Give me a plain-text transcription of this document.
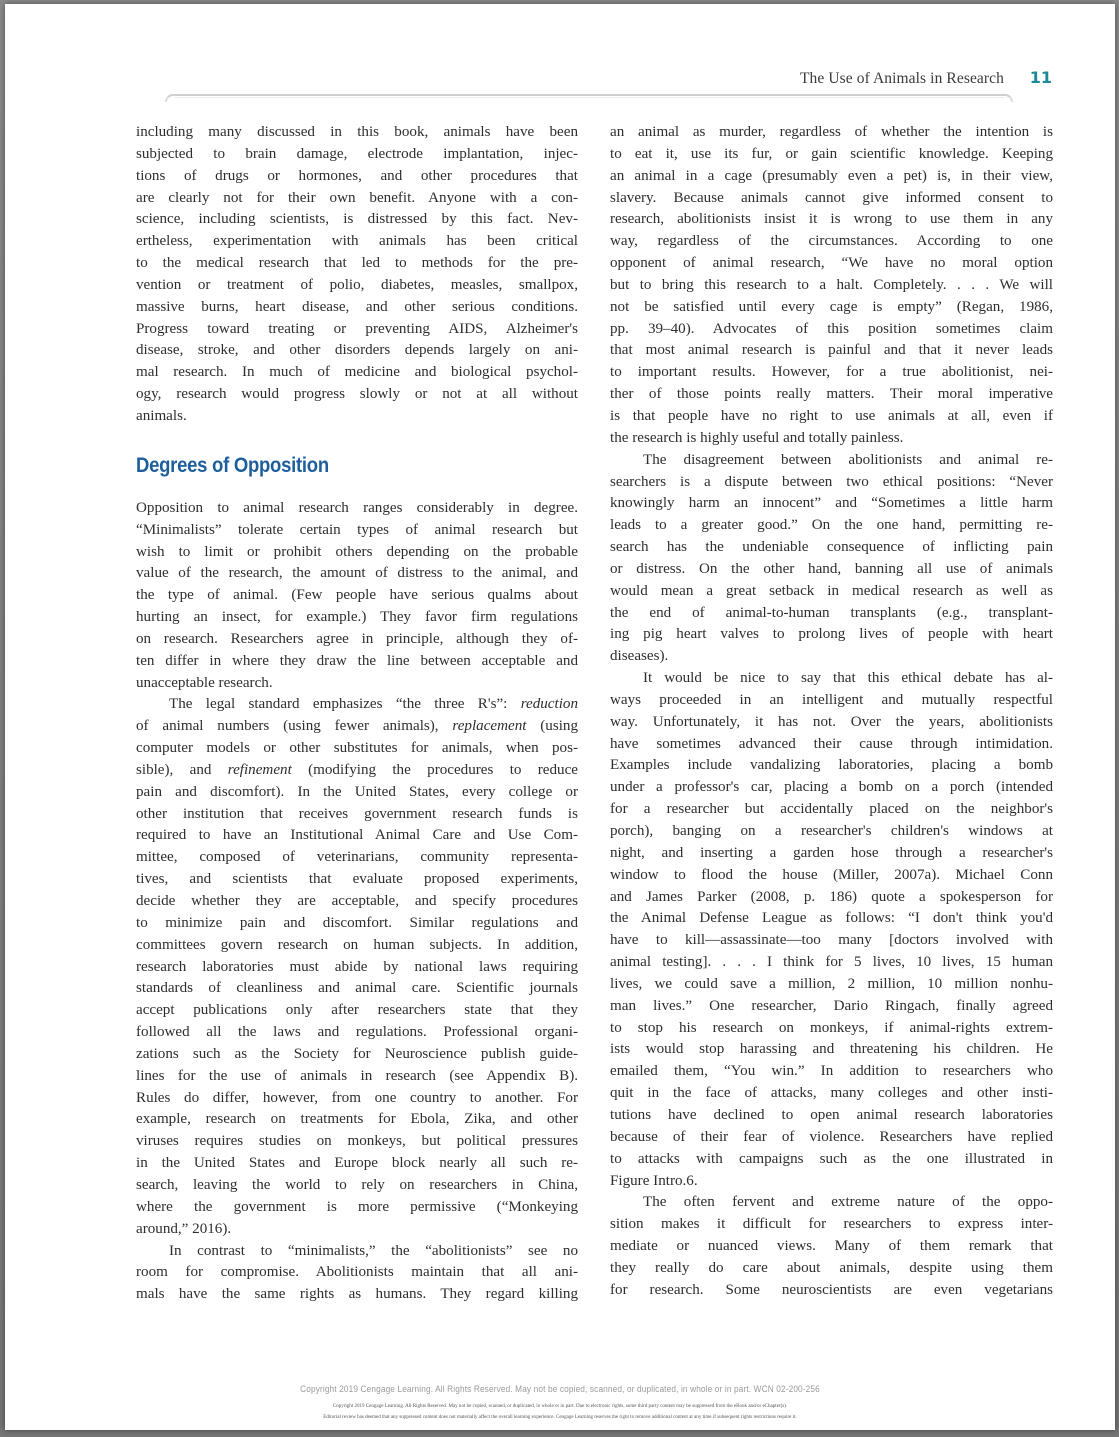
The Use of Animals in Research 11
including many discussed in this book, animals have been
subjected to brain damage, electrode implantation, injec-
tions of drugs or hormones, and other procedures that
are clearly not for their own benefit. Anyone with a con-
science, including scientists, is distressed by this fact. Nev-
ertheless, experimentation with animals has been critical
to the medical research that led to methods for the pre-
vention or treatment of polio, diabetes, measles, smallpox,
massive burns, heart disease, and other serious conditions.
Progress toward treating or preventing AIDS, Alzheimer's
disease, stroke, and other disorders depends largely on ani-
mal research. In much of medicine and biological psychol-
ogy, research would progress slowly or not at all without
animals.
Degrees of Opposition
Opposition to animal research ranges considerably in degree.
“Minimalists” tolerate certain types of animal research but
wish to limit or prohibit others depending on the probable
value of the research, the amount of distress to the animal, and
the type of animal. (Few people have serious qualms about
hurting an insect, for example.) They favor firm regulations
on research. Researchers agree in principle, although they of-
ten differ in where they draw the line between acceptable and
unacceptable research.
The legal standard emphasizes “the three R's”: reduction
of animal numbers (using fewer animals), replacement (using
computer models or other substitutes for animals, when pos-
sible), and refinement (modifying the procedures to reduce
pain and discomfort). In the United States, every college or
other institution that receives government research funds is
required to have an Institutional Animal Care and Use Com-
mittee, composed of veterinarians, community representa-
tives, and scientists that evaluate proposed experiments,
decide whether they are acceptable, and specify procedures
to minimize pain and discomfort. Similar regulations and
committees govern research on human subjects. In addition,
research laboratories must abide by national laws requiring
standards of cleanliness and animal care. Scientific journals
accept publications only after researchers state that they
followed all the laws and regulations. Professional organi-
zations such as the Society for Neuroscience publish guide-
lines for the use of animals in research (see Appendix B).
Rules do differ, however, from one country to another. For
example, research on treatments for Ebola, Zika, and other
viruses requires studies on monkeys, but political pressures
in the United States and Europe block nearly all such re-
search, leaving the world to rely on researchers in China,
where the government is more permissive (“Monkeying
around,” 2016).
In contrast to “minimalists,” the “abolitionists” see no
room for compromise. Abolitionists maintain that all ani-
mals have the same rights as humans. They regard killing
an animal as murder, regardless of whether the intention is
to eat it, use its fur, or gain scientific knowledge. Keeping
an animal in a cage (presumably even a pet) is, in their view,
slavery. Because animals cannot give informed consent to
research, abolitionists insist it is wrong to use them in any
way, regardless of the circumstances. According to one
opponent of animal research, “We have no moral option
but to bring this research to a halt. Completely. . . . We will
not be satisfied until every cage is empty” (Regan, 1986,
pp. 39–40). Advocates of this position sometimes claim
that most animal research is painful and that it never leads
to important results. However, for a true abolitionist, nei-
ther of those points really matters. Their moral imperative
is that people have no right to use animals at all, even if
the research is highly useful and totally painless.
The disagreement between abolitionists and animal re-
searchers is a dispute between two ethical positions: “Never
knowingly harm an innocent” and “Sometimes a little harm
leads to a greater good.” On the one hand, permitting re-
search has the undeniable consequence of inflicting pain
or distress. On the other hand, banning all use of animals
would mean a great setback in medical research as well as
the end of animal-to-human transplants (e.g., transplant-
ing pig heart valves to prolong lives of people with heart
diseases).
It would be nice to say that this ethical debate has al-
ways proceeded in an intelligent and mutually respectful
way. Unfortunately, it has not. Over the years, abolitionists
have sometimes advanced their cause through intimidation.
Examples include vandalizing laboratories, placing a bomb
under a professor's car, placing a bomb on a porch (intended
for a researcher but accidentally placed on the neighbor's
porch), banging on a researcher's children's windows at
night, and inserting a garden hose through a researcher's
window to flood the house (Miller, 2007a). Michael Conn
and James Parker (2008, p. 186) quote a spokesperson for
the Animal Defense League as follows: “I don't think you'd
have to kill—assassinate—too many [doctors involved with
animal testing]. . . . I think for 5 lives, 10 lives, 15 human
lives, we could save a million, 2 million, 10 million nonhu-
man lives.” One researcher, Dario Ringach, finally agreed
to stop his research on monkeys, if animal-rights extrem-
ists would stop harassing and threatening his children. He
emailed them, “You win.” In addition to researchers who
quit in the face of attacks, many colleges and other insti-
tutions have declined to open animal research laboratories
because of their fear of violence. Researchers have replied
to attacks with campaigns such as the one illustrated in
Figure Intro.6.
The often fervent and extreme nature of the oppo-
sition makes it difficult for researchers to express inter-
mediate or nuanced views. Many of them remark that
they really do care about animals, despite using them
for research. Some neuroscientists are even vegetarians
Copyright 2019 Cengage Learning. All Rights Reserved. May not be copied, scanned, or duplicated, in whole or in part. WCN 02-200-256
Copyright 2019 Cengage Learning. All Rights Reserved. May not be copied, scanned, or duplicated, in whole or in part. Due to electronic rights, some third party content may be suppressed from the eBook and/or eChapter(s).
Editorial review has deemed that any suppressed content does not materially affect the overall learning experience. Cengage Learning reserves the right to remove additional content at any time if subsequent rights restrictions require it.
